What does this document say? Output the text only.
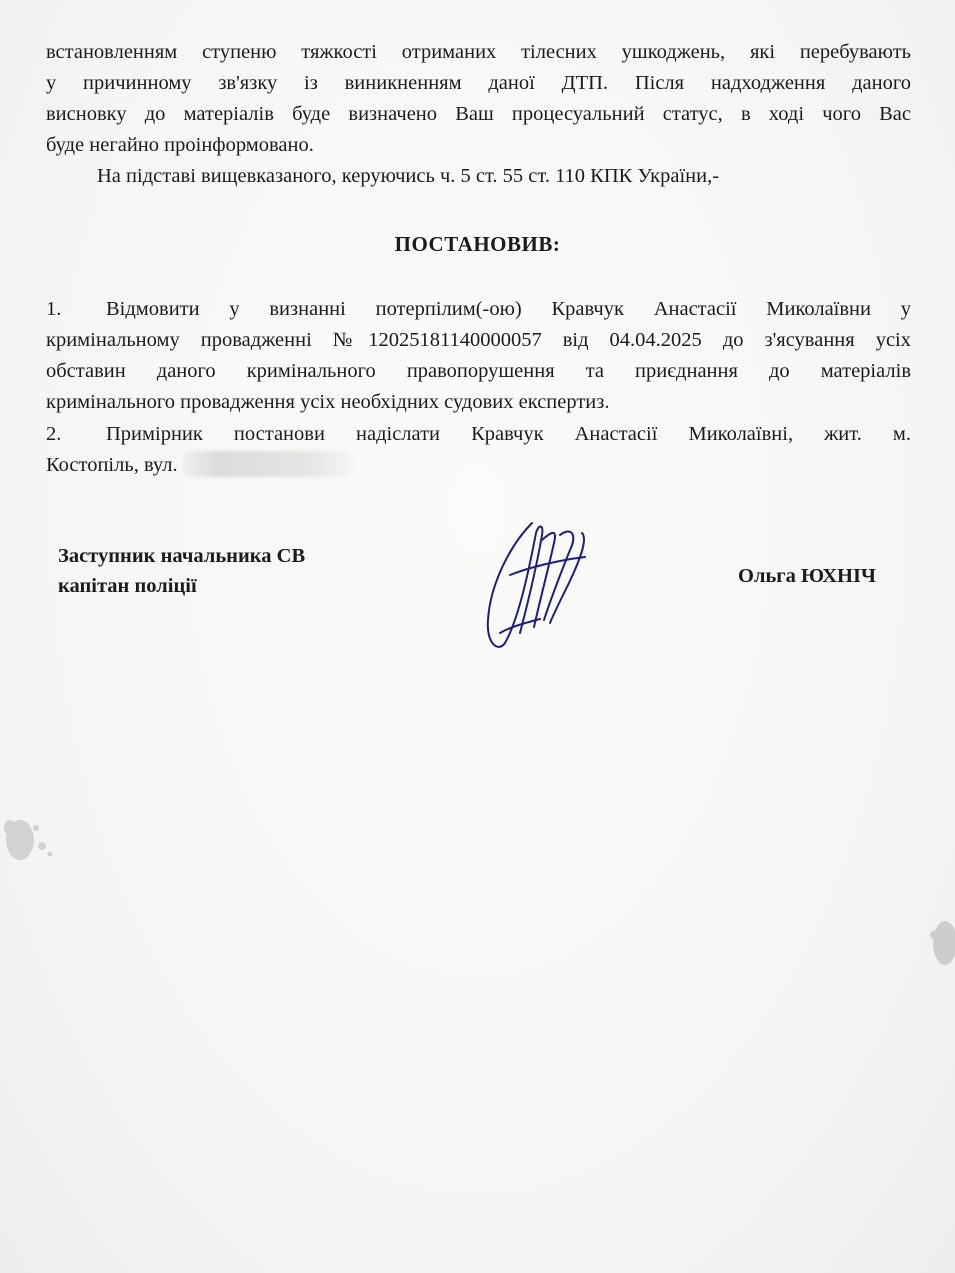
встановленням ступеню тяжкості отриманих тілесних ушкоджень, які перебувають
у причинному зв'язку із виникненням даної ДТП. Після надходження даного
висновку до матеріалів буде визначено Ваш процесуальний статус, в ході чого Вас
буде негайно проінформовано.
На підставі вищевказаного, керуючись ч. 5 ст. 55 ст. 110 КПК України,-
ПОСТАНОВИВ:
1. Відмовити у визнанні потерпілим(-ою) Кравчук Анастасії Миколаївни у
кримінальному провадженні №12025181140000057 від 04.04.2025 до з'ясування усіх
обставин даного кримінального правопорушення та приєднання до матеріалів
кримінального провадження усіх необхідних судових експертиз.
2. Примірник постанови надіслати Кравчук Анастасії Миколаївні, жит. м.
Костопіль, вул.
Заступник начальника СВ
капітан поліції	Ольга ЮХНІЧ
